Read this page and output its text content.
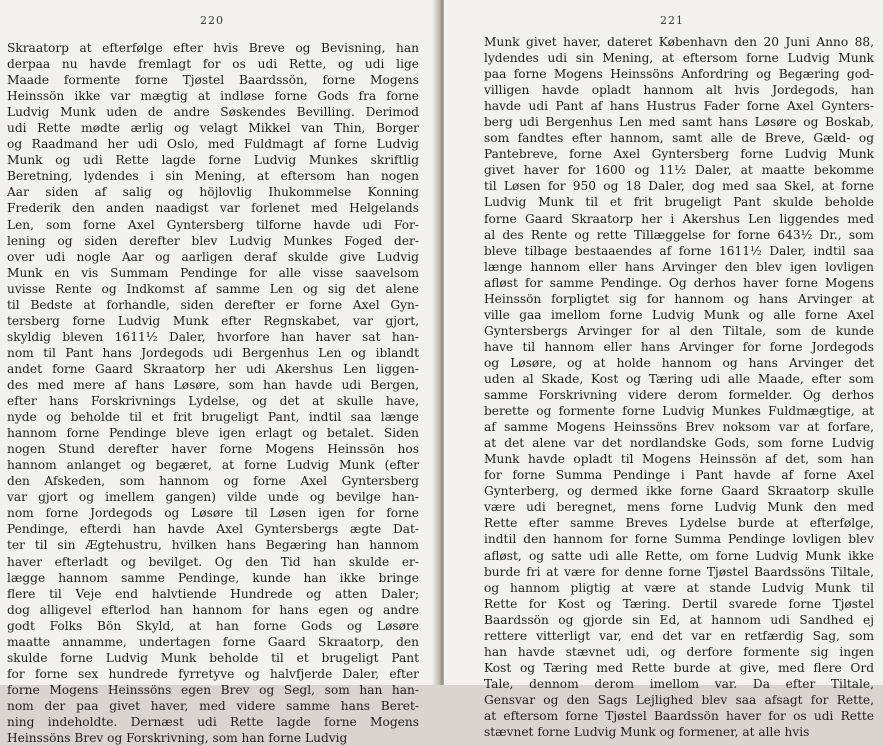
220
Skraatorp at efterfølge efter hvis Breve og Bevisning, han
derpaa nu havde fremlagt for os udi Rette, og udi lige
Maade formente forne Tjøstel Baardssön, forne Mogens
Heinssön ikke var mægtig at indløse forne Gods fra forne
Ludvig Munk uden de andre Søskendes Bevilling. Derimod
udi Rette mødte ærlig og velagt Mikkel van Thin, Borger
og Raadmand her udi Oslo, med Fuldmagt af forne Ludvig
Munk og udi Rette lagde forne Ludvig Munkes skriftlig
Beretning, lydendes i sin Mening, at eftersom han nogen
Aar siden af salig og höjlovlig Ihukommelse Konning
Frederik den anden naadigst var forlenet med Helgelands
Len, som forne Axel Gyntersberg tilforne havde udi For-
lening og siden derefter blev Ludvig Munkes Foged der-
over udi nogle Aar og aarligen deraf skulde give Ludvig
Munk en vis Summam Pendinge for alle visse saavelsom
uvisse Rente og Indkomst af samme Len og sig det alene
til Bedste at forhandle, siden derefter er forne Axel Gyn-
tersberg forne Ludvig Munk efter Regnskabet, var gjort,
skyldig bleven 1611½ Daler, hvorfore han haver sat han-
nom til Pant hans Jordegods udi Bergenhus Len og iblandt
andet forne Gaard Skraatorp her udi Akershus Len liggen-
des med mere af hans Løsøre, som han havde udi Bergen,
efter hans Forskrivnings Lydelse, og det at skulle have,
nyde og beholde til et frit brugeligt Pant, indtil saa længe
hannom forne Pendinge bleve igen erlagt og betalet. Siden
nogen Stund derefter haver forne Mogens Heinssön hos
hannom anlanget og begæret, at forne Ludvig Munk (efter
den Afskeden, som hannom og forne Axel Gyntersberg
var gjort og imellem gangen) vilde unde og bevilge han-
nom forne Jordegods og Løsøre til Løsen igen for forne
Pendinge, efterdi han havde Axel Gyntersbergs ægte Dat-
ter til sin Ægtehustru, hvilken hans Begæring han hannom
haver efterladt og bevilget. Og den Tid han skulde er-
lægge hannom samme Pendinge, kunde han ikke bringe
flere til Veje end halvtiende Hundrede og atten Daler;
dog alligevel efterlod han hannom for hans egen og andre
godt Folks Bön Skyld, at han forne Gods og Løsøre
maatte annamme, undertagen forne Gaard Skraatorp, den
skulde forne Ludvig Munk beholde til et brugeligt Pant
for forne sex hundrede fyrretyve og halvfjerde Daler, efter
forne Mogens Heinssöns egen Brev og Segl, som han han-
nom der paa givet haver, med videre samme hans Beret-
ning indeholdte. Dernæst udi Rette lagde forne Mogens
Heinssöns Brev og Forskrivning, som han forne Ludvig
221
Munk givet haver, dateret København den 20 Juni Anno 88,
lydendes udi sin Mening, at eftersom forne Ludvig Munk
paa forne Mogens Heinssöns Anfordring og Begæring god-
villigen havde opladt hannom alt hvis Jordegods, han
havde udi Pant af hans Hustrus Fader forne Axel Gynters-
berg udi Bergenhus Len med samt hans Løsøre og Boskab,
som fandtes efter hannom, samt alle de Breve, Gæld- og
Pantebreve, forne Axel Gyntersberg forne Ludvig Munk
givet haver for 1600 og 11½ Daler, at maatte bekomme
til Løsen for 950 og 18 Daler, dog med saa Skel, at forne
Ludvig Munk til et frit brugeligt Pant skulde beholde
forne Gaard Skraatorp her i Akershus Len liggendes med
al des Rente og rette Tillæggelse for forne 643½ Dr., som
bleve tilbage bestaaendes af forne 1611½ Daler, indtil saa
længe hannom eller hans Arvinger den blev igen lovligen
afløst for samme Pendinge. Og derhos haver forne Mogens
Heinssön forpligtet sig for hannom og hans Arvinger at
ville gaa imellom forne Ludvig Munk og alle forne Axel
Gyntersbergs Arvinger for al den Tiltale, som de kunde
have til hannom eller hans Arvinger for forne Jordegods
og Løsøre, og at holde hannom og hans Arvinger det
uden al Skade, Kost og Tæring udi alle Maade, efter som
samme Forskrivning videre derom formelder. Og derhos
berette og formente forne Ludvig Munkes Fuldmægtige, at
af samme Mogens Heinssöns Brev noksom var at forfare,
at det alene var det nordlandske Gods, som forne Ludvig
Munk havde opladt til Mogens Heinssön af det, som han
for forne Summa Pendinge i Pant havde af forne Axel
Gynterberg, og dermed ikke forne Gaard Skraatorp skulle
være udi beregnet, mens forne Ludvig Munk den med
Rette efter samme Breves Lydelse burde at efterfølge,
indtil den hannom for forne Summa Pendinge lovligen blev
afløst, og satte udi alle Rette, om forne Ludvig Munk ikke
burde fri at være for denne forne Tjøstel Baardssöns Tiltale,
og hannom pligtig at være at stande Ludvig Munk til
Rette for Kost og Tæring. Dertil svarede forne Tjøstel
Baardssön og gjorde sin Ed, at hannom udi Sandhed ej
rettere vitterligt var, end det var en retfærdig Sag, som
han havde stævnet udi, og derfore formente sig ingen
Kost og Tæring med Rette burde at give, med flere Ord
Tale, dennom derom imellom var. Da efter Tiltale,
Gensvar og den Sags Lejlighed blev saa afsagt for Rette,
at eftersom forne Tjøstel Baardssön haver for os udi Rette
stævnet forne Ludvig Munk og formener, at alle hvis
